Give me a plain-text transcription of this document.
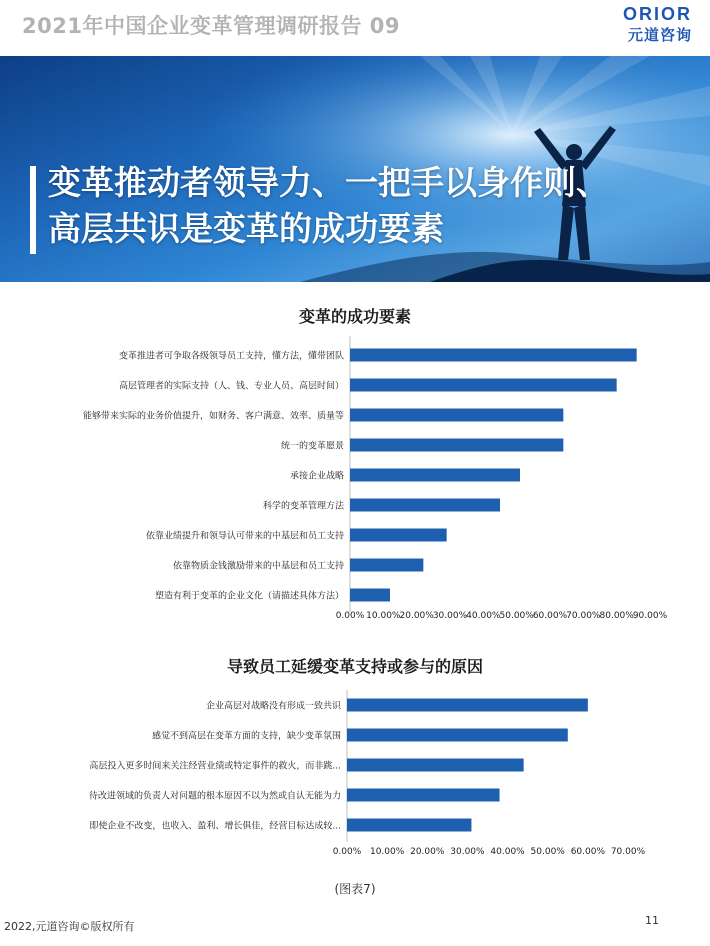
2021年中国企业变革管理调研报告 09	ORIOR
元道咨询
变革推动者领导力、一把手以身作则、
高层共识是变革的成功要素
变革的成功要素
变革推进者可争取各级领导员工支持，懂方法，懂带团队
高层管理者的实际支持（人、钱、专业人员、高层时间）
能够带来实际的业务价值提升，如财务、客户满意、效率、质量等
统一的变革愿景
承接企业战略
科学的变革管理方法
依靠业绩提升和领导认可带来的中基层和员工支持
依靠物质金钱激励带来的中基层和员工支持
塑造有利于变革的企业文化（请描述具体方法）
0.00% 10.00% 20.00% 30.00% 40.00% 50.00% 60.00% 70.00% 80.00% 90.00%
导致员工延缓变革支持或参与的原因
企业高层对战略没有形成一致共识
感觉不到高层在变革方面的支持，缺少变革氛围
高层投入更多时间来关注经营业绩或特定事件的救火，而非跳...
待改进领域的负责人对问题的根本原因不以为然或自认无能为力
即使企业不改变，也收入、盈利、增长俱佳，经营目标达成较...
0.00% 10.00% 20.00% 30.00% 40.00% 50.00% 60.00% 70.00%
(图表7)
2022,元道咨询©版权所有	11
